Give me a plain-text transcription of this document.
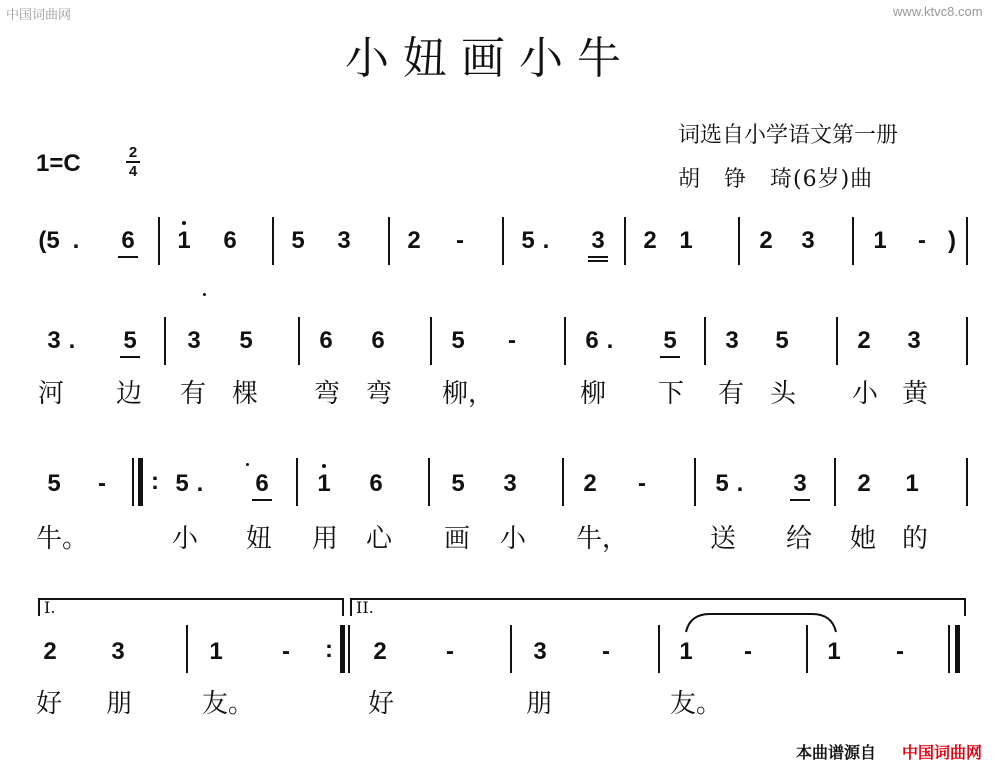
中国词曲网	www.ktvc8.com
小妞画小牛
词选自小学语文第一册
胡　铮　琦(6岁)曲
1=C	2
4
(5 . 6 1 6 5 3 2 - 5 . 3 2 1	2 3 1 - )
3 . 5 3 5	6 6	5 -	6 . 5 3 5	2 3
河 边 有 棵 弯 弯 柳，	柳 下 有 头 小 黄
5 - : 5 . 6 1 6	5 3	2 -	5 . 3 2 1
牛。	小 妞 用 心 画 小 牛，	送 给 她 的
I.	II.
2 3	1 - : 2 -	3 -	1 -	1 -
好 朋	友。	好	朋	友。
本曲谱源自 中国词曲网
